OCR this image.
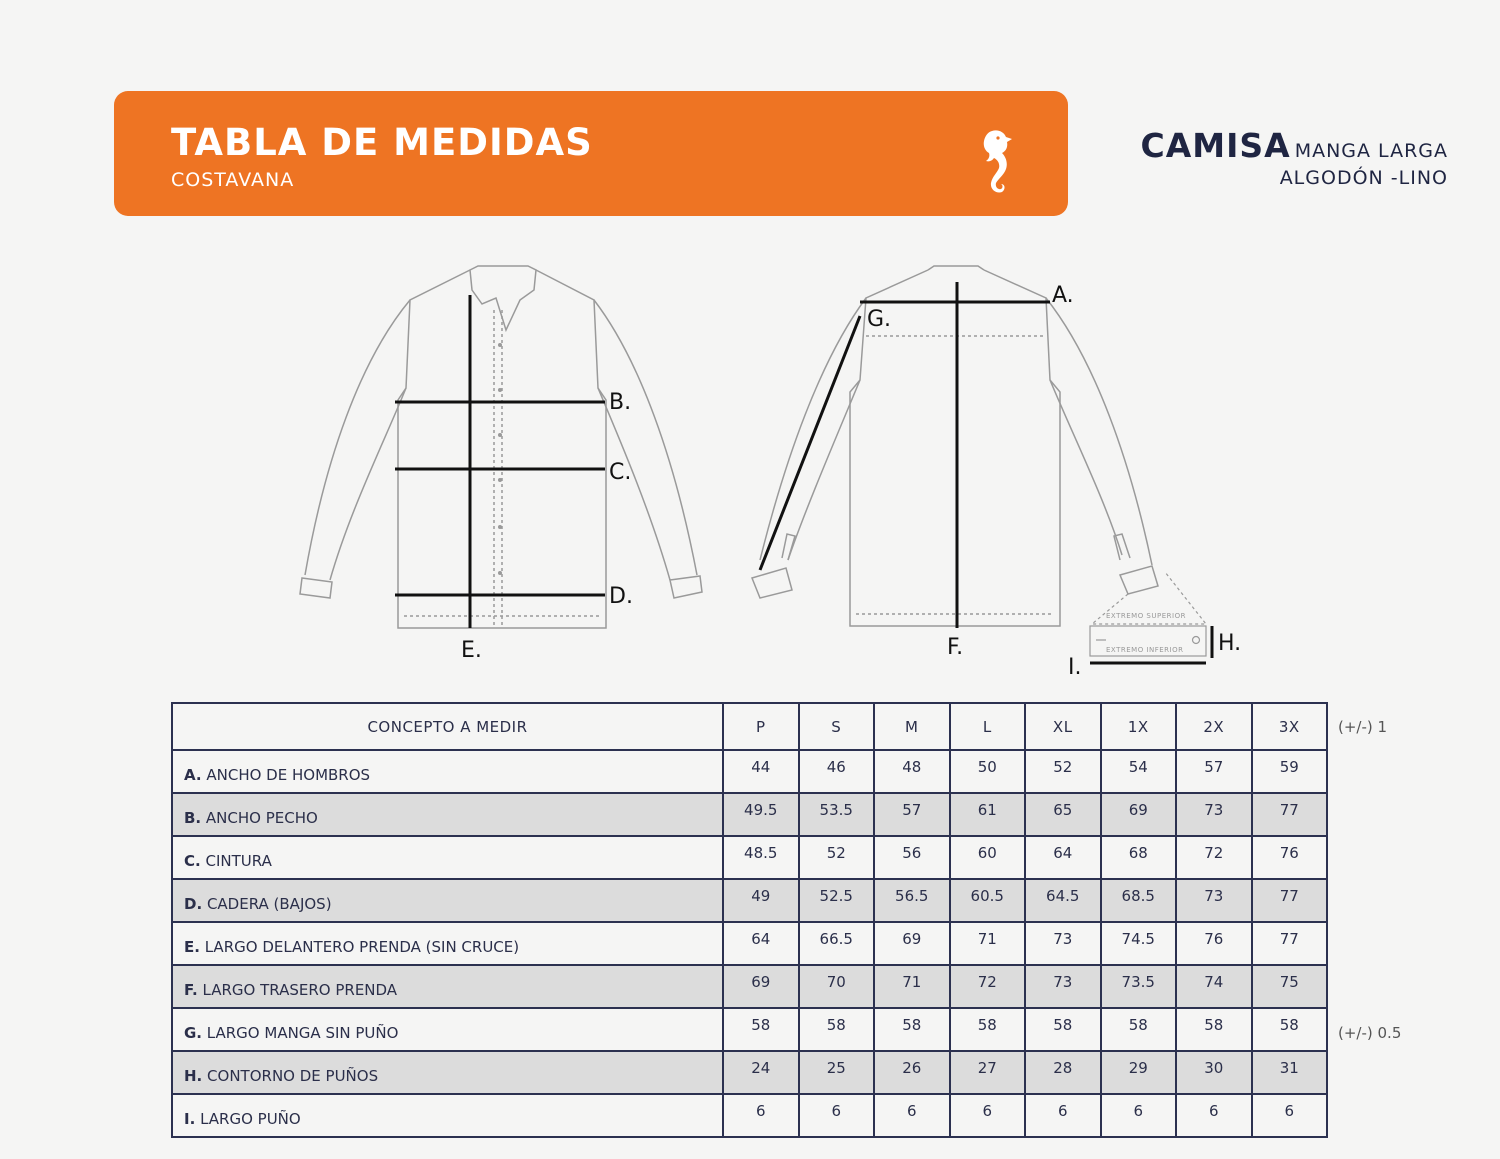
TABLA DE MEDIDAS
COSTAVANA
CAMISA MANGA LARGA
ALGODÓN -LINO
B.
C.
D.
E.
A.
G.
F.
EXTREMO SUPERIOR
EXTREMO INFERIOR H.
I.
CONCEPTO A MEDIR	P	S	M	L	XL	1X	2X	3X
A. ANCHO DE HOMBROS	44	46	48	50	52	54	57	59
B. ANCHO PECHO	49.5	53.5	57	61	65	69	73	77
C. CINTURA	48.5	52	56	60	64	68	72	76
D. CADERA (BAJOS)	49	52.5	56.5	60.5	64.5	68.5	73	77
E. LARGO DELANTERO PRENDA (SIN CRUCE)	64	66.5	69	71	73	74.5	76	77
F. LARGO TRASERO PRENDA	69	70	71	72	73	73.5	74	75
G. LARGO MANGA SIN PUÑO	58	58	58	58	58	58	58	58
H. CONTORNO DE PUÑOS	24	25	26	27	28	29	30	31
I. LARGO PUÑO	6	6	6	6	6	6	6	6
(+/-) 1
(+/-) 0.5
